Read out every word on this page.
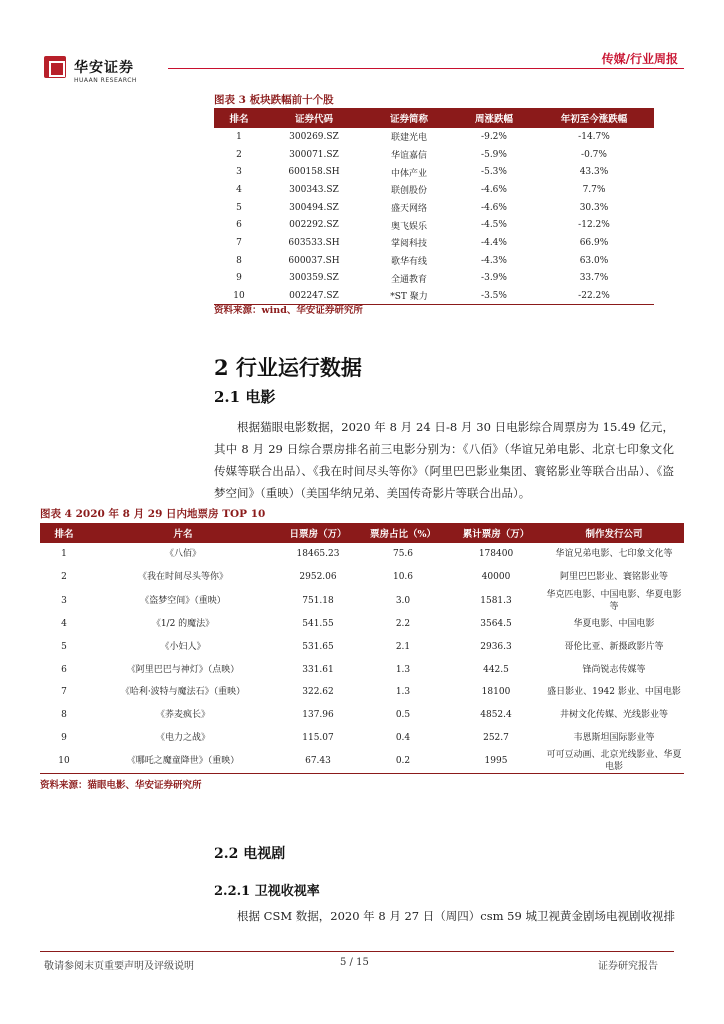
华安证券
HUAAN RESEARCH
传媒/行业周报
图表 3 板块跌幅前十个股
排名	证券代码	证券简称	周涨跌幅	年初至今涨跌幅
1	300269.SZ	联建光电	-9.2%	-14.7%
2	300071.SZ	华谊嘉信	-5.9%	-0.7%
3	600158.SH	中体产业	-5.3%	43.3%
4	300343.SZ	联创股份	-4.6%	7.7%
5	300494.SZ	盛天网络	-4.6%	30.3%
6	002292.SZ	奥飞娱乐	-4.5%	-12.2%
7	603533.SH	掌阅科技	-4.4%	66.9%
8	600037.SH	歌华有线	-4.3%	63.0%
9	300359.SZ	全通教育	-3.9%	33.7%
10	002247.SZ	*ST 聚力	-3.5%	-22.2%
资料来源：wind、华安证券研究所
2 行业运行数据
2.1 电影
根据猫眼电影数据，2020 年 8 月 24 日-8 月 30 日电影综合周票房为 15.49 亿元，其中 8 月 29 日综合票房排名前三电影分别为：《八佰》（华谊兄弟电影、北京七印象文化传媒等联合出品）、《我在时间尽头等你》（阿里巴巴影业集团、寰铭影业等联合出品）、《盗梦空间》（重映）（美国华纳兄弟、美国传奇影片等联合出品）。
图表 4 2020 年 8 月 29 日内地票房 TOP 10
排名	片名	日票房（万）	票房占比（%）	累计票房（万）	制作发行公司
1	《八佰》	18465.23	75.6	178400	华谊兄弟电影、七印象文化等
2	《我在时间尽头等你》	2952.06	10.6	40000	阿里巴巴影业、寰铭影业等
3	《盗梦空间》（重映）	751.18	3.0	1581.3	华克匹电影、中国电影、华夏电影等
4	《1/2 的魔法》	541.55	2.2	3564.5	华夏电影、中国电影
5	《小妇人》	531.65	2.1	2936.3	哥伦比亚、新摄政影片等
6	《阿里巴巴与神灯》（点映）	331.61	1.3	442.5	锋尚锐志传媒等
7	《哈利·波特与魔法石》（重映）	322.62	1.3	18100	盛日影业、1942 影业、中国电影
8	《荞麦疯长》	137.96	0.5	4852.4	井树文化传媒、光线影业等
9	《电力之战》	115.07	0.4	252.7	韦恩斯坦国际影业等
10	《哪吒之魔童降世》（重映）	67.43	0.2	1995	可可豆动画、北京光线影业、华夏电影
资料来源：猫眼电影、华安证券研究所
2.2 电视剧
2.2.1 卫视收视率
根据 CSM 数据，2020 年 8 月 27 日（周四）csm 59 城卫视黄金剧场电视剧收视排
敬请参阅末页重要声明及评级说明	5 / 15	证券研究报告
